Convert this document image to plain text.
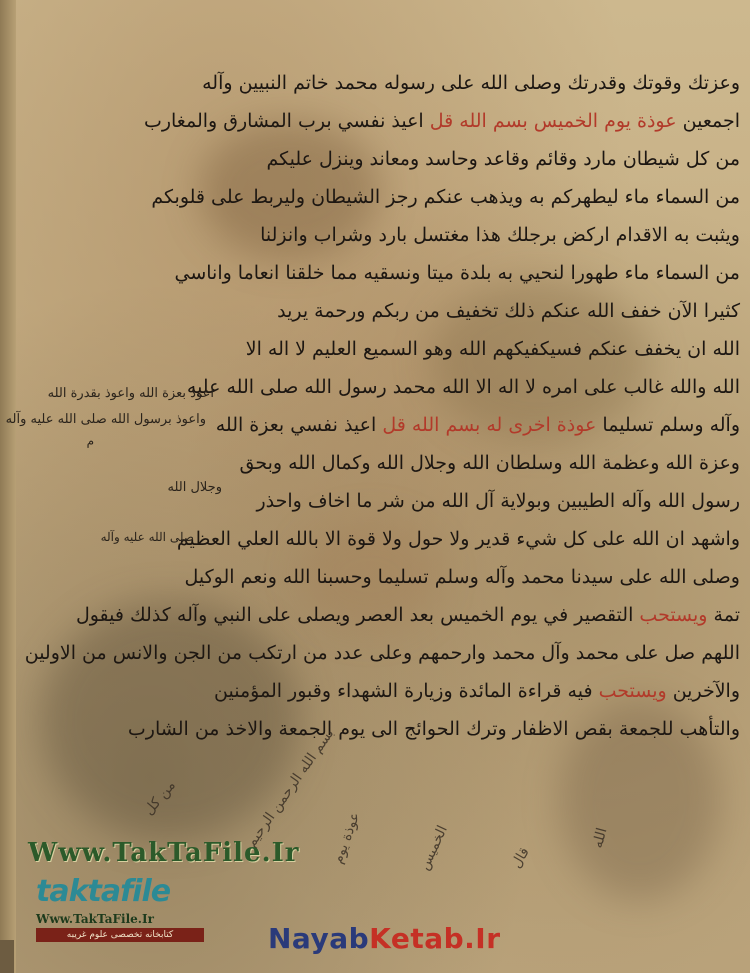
وعزتك وقوتك وقدرتك وصلى الله على رسوله محمد خاتم النبيين وآله
اجمعين عوذة يوم الخميس بسم الله قل اعيذ نفسي برب المشارق والمغارب
من كل شيطان مارد وقائم وقاعد وحاسد ومعاند وينزل عليكم
من السماء ماء ليطهركم به ويذهب عنكم رجز الشيطان وليربط على قلوبكم
ويثبت به الاقدام اركض برجلك هذا مغتسل بارد وشراب وانزلنا
من السماء ماء طهورا لنحيي به بلدة ميتا ونسقيه مما خلقنا انعاما واناسي
كثيرا الآن خفف الله عنكم ذلك تخفيف من ربكم ورحمة يريد
الله ان يخفف عنكم فسيكفيكهم الله وهو السميع العليم لا اله الا
الله والله غالب على امره لا اله الا الله محمد رسول الله صلى الله عليه
وآله وسلم تسليما عوذة اخرى له بسم الله قل اعيذ نفسي بعزة الله
وعزة الله وعظمة الله وسلطان الله وجلال الله وكمال الله وبحق
رسول الله وآله الطيبين وبولاية آل الله من شر ما اخاف واحذر
واشهد ان الله على كل شيء قدير ولا حول ولا قوة الا بالله العلي العظيم
وصلى الله على سيدنا محمد وآله وسلم تسليما وحسبنا الله ونعم الوكيل
تمة ويستحب التقصير في يوم الخميس بعد العصر ويصلى على النبي وآله كذلك فيقول
اللهم صل على محمد وآل محمد وارحمهم وعلى عدد من ارتكب من الجن والانس من الاولين
والآخرين ويستحب فيه قراءة المائدة وزيارة الشهداء وقبور المؤمنين
والتأهب للجمعة بقص الاظفار وترك الحوائج الى يوم الجمعة والاخذ من الشارب
اعوذ بعزة الله واعوذ بقدرة الله
واعوذ برسول الله صلى الله عليه وآله
م
وجلال الله
صلى الله عليه وآله
بسم الله الرحمن الرحيم
عوذة يوم	الخميس	قال
الله
من كل
Www.TakTaFile.Ir
taktafile
Www.TakTaFile.Ir
کتابخانه تخصصی علوم غریبه	NayabKetab.Ir
